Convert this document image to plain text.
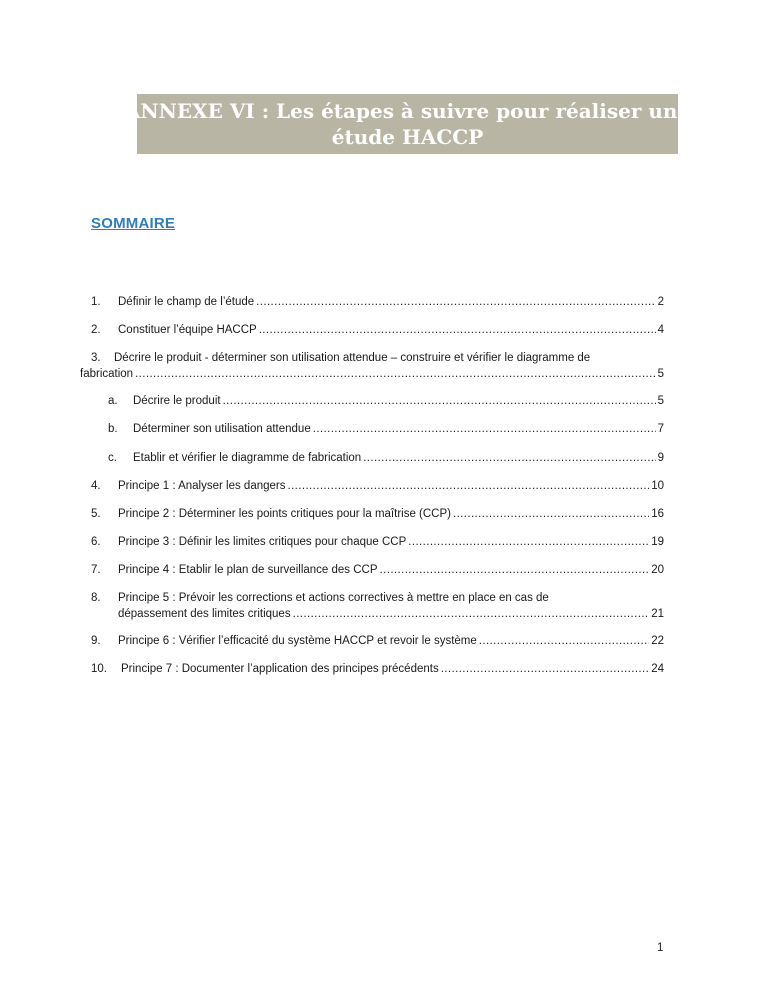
ANNEXE VI : Les étapes à suivre pour réaliser une
étude HACCP
SOMMAIRE
1.	Définir le champ de l’étude .....	2
2.	Constituer l’équipe HACCP .....	4
3.	Décrire le produit - déterminer son utilisation attendue – construire et vérifier le diagramme de
fabrication .....	5
a.	Décrire le produit .....	5
b.	Déterminer son utilisation attendue .....	7
c.	Etablir et vérifier le diagramme de fabrication .....	9
4.	Principe 1 : Analyser les dangers .....	10
5.	Principe 2 : Déterminer les points critiques pour la maîtrise (CCP) .....	16
6.	Principe 3 : Définir les limites critiques pour chaque CCP .....	19
7.	Principe 4 : Etablir le plan de surveillance des CCP .....	20
8.	Principe 5 : Prévoir les corrections et actions correctives à mettre en place en cas de
dépassement des limites critiques .....	21
9.	Principe 6 : Vérifier l’efficacité du système HACCP et revoir le système .....	22
10.	Principe 7 : Documenter l’application des principes précédents .....	24
1
